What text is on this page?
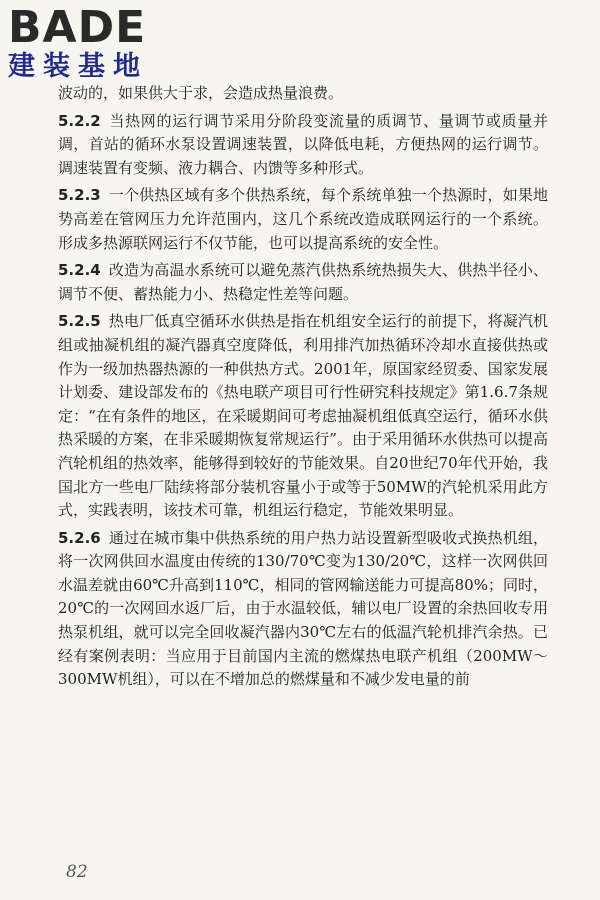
BADE
建装基地

波动的，如果供大于求，会造成热量浪费。

5.2.2 当热网的运行调节采用分阶段变流量的质调节、量调节或质量并调，首站的循环水泵设置调速装置，以降低电耗，方便热网的运行调节。调速装置有变频、液力耦合、内馈等多种形式。

5.2.3 一个供热区域有多个供热系统，每个系统单独一个热源时，如果地势高差在管网压力允许范围内，这几个系统改造成联网运行的一个系统。形成多热源联网运行不仅节能，也可以提高系统的安全性。

5.2.4 改造为高温水系统可以避免蒸汽供热系统热损失大、供热半径小、调节不便、蓄热能力小、热稳定性差等问题。

5.2.5 热电厂低真空循环水供热是指在机组安全运行的前提下，将凝汽机组或抽凝机组的凝汽器真空度降低，利用排汽加热循环冷却水直接供热或作为一级加热器热源的一种供热方式。2001年，原国家经贸委、国家发展计划委、建设部发布的《热电联产项目可行性研究科技规定》第1.6.7条规定：“在有条件的地区，在采暖期间可考虑抽凝机组低真空运行，循环水供热采暖的方案，在非采暖期恢复常规运行”。由于采用循环水供热可以提高汽轮机组的热效率，能够得到较好的节能效果。自20世纪70年代开始，我国北方一些电厂陆续将部分装机容量小于或等于50MW的汽轮机采用此方式，实践表明，该技术可靠，机组运行稳定，节能效果明显。

5.2.6 通过在城市集中供热系统的用户热力站设置新型吸收式换热机组，将一次网供回水温度由传统的130/70℃变为130/20℃，这样一次网供回水温差就由60℃升高到110℃，相同的管网输送能力可提高80%；同时，20℃的一次网回水返厂后，由于水温较低，辅以电厂设置的余热回收专用热泵机组，就可以完全回收凝汽器内30℃左右的低温汽轮机排汽余热。已经有案例表明：当应用于目前国内主流的燃煤热电联产机组（200MW～300MW机组），可以在不增加总的燃煤量和不减少发电量的前

82
